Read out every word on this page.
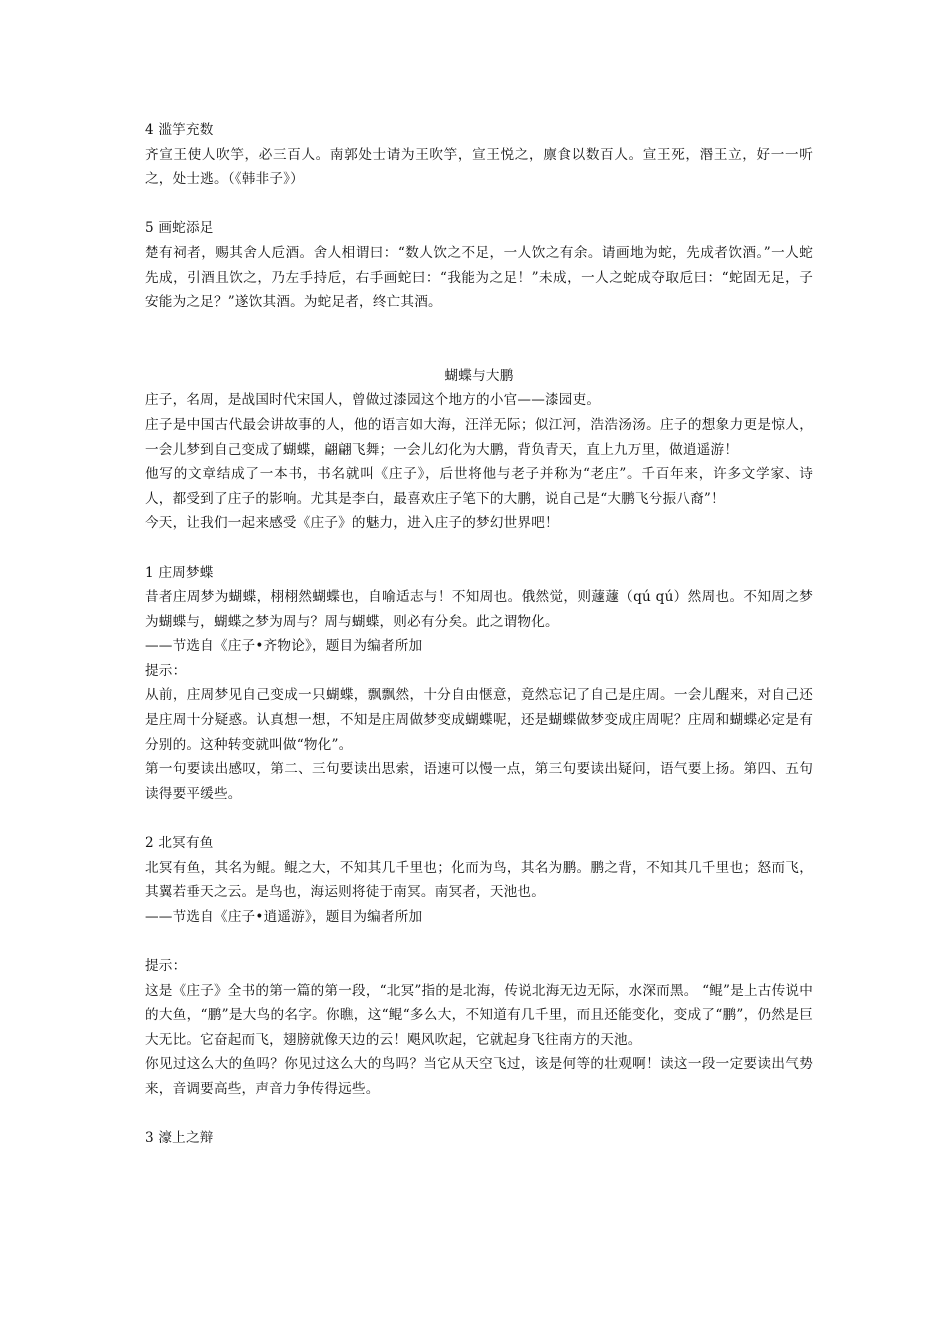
4 滥竽充数

齐宣王使人吹竽，必三百人。南郭处士请为王吹竽，宣王悦之，廪食以数百人。宣王死，湣王立，好一一听之，处士逃。（《韩非子》）

5 画蛇添足

楚有祠者，赐其舍人卮酒。舍人相谓曰：“数人饮之不足，一人饮之有余。请画地为蛇，先成者饮酒。”一人蛇先成，引酒且饮之，乃左手持卮，右手画蛇曰：“我能为之足！”未成，一人之蛇成夺取卮曰：“蛇固无足，子安能为之足？”遂饮其酒。为蛇足者，终亡其酒。

蝴蝶与大鹏

庄子，名周，是战国时代宋国人，曾做过漆园这个地方的小官——漆园吏。

庄子是中国古代最会讲故事的人，他的语言如大海，汪洋无际；似江河，浩浩汤汤。庄子的想象力更是惊人，一会儿梦到自己变成了蝴蝶，翩翩飞舞；一会儿幻化为大鹏，背负青天，直上九万里，做逍遥游！

他写的文章结成了一本书，书名就叫《庄子》，后世将他与老子并称为“老庄”。千百年来，许多文学家、诗人，都受到了庄子的影响。尤其是李白，最喜欢庄子笔下的大鹏，说自己是“大鹏飞兮振八裔”！

今天，让我们一起来感受《庄子》的魅力，进入庄子的梦幻世界吧！

1 庄周梦蝶

昔者庄周梦为蝴蝶，栩栩然蝴蝶也，自喻适志与！不知周也。俄然觉，则蘧蘧（qú qú）然周也。不知周之梦为蝴蝶与，蝴蝶之梦为周与？周与蝴蝶，则必有分矣。此之谓物化。

——节选自《庄子•齐物论》，题目为编者所加

提示：

从前，庄周梦见自己变成一只蝴蝶，飘飘然，十分自由惬意，竟然忘记了自己是庄周。一会儿醒来，对自己还是庄周十分疑惑。认真想一想，不知是庄周做梦变成蝴蝶呢，还是蝴蝶做梦变成庄周呢？庄周和蝴蝶必定是有分别的。这种转变就叫做“物化”。

第一句要读出感叹，第二、三句要读出思索，语速可以慢一点，第三句要读出疑问，语气要上扬。第四、五句读得要平缓些。

2 北冥有鱼

北冥有鱼，其名为鲲。鲲之大，不知其几千里也；化而为鸟，其名为鹏。鹏之背，不知其几千里也；怒而飞，其翼若垂天之云。是鸟也，海运则将徒于南冥。南冥者，天池也。

——节选自《庄子•逍遥游》，题目为编者所加

提示：

这是《庄子》全书的第一篇的第一段，“北冥”指的是北海，传说北海无边无际，水深而黑。 “鲲”是上古传说中的大鱼，“鹏”是大鸟的名字。你瞧，这“鲲“多么大，不知道有几千里，而且还能变化，变成了“鹏”，仍然是巨大无比。它奋起而飞，翅膀就像天边的云！飓风吹起，它就起身飞往南方的天池。

你见过这么大的鱼吗？你见过这么大的鸟吗？当它从天空飞过，该是何等的壮观啊！读这一段一定要读出气势来，音调要高些，声音力争传得远些。

3 濠上之辩
